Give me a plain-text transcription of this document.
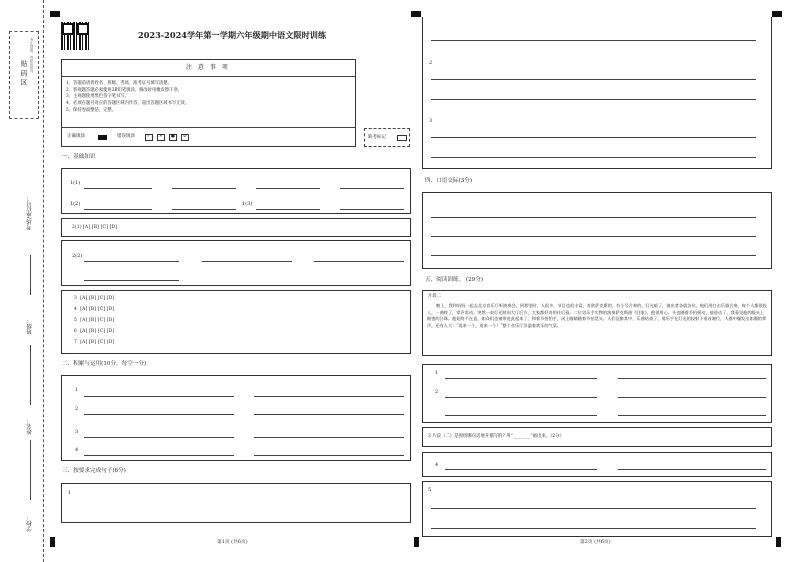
贴 码 区 考生禁填，勿贴出框外
考场/座位号：
班级：
姓名：
学校：
2023-2024学年第一学期六年级期中语文限时训练
注 意 事 项
1、答题前请将姓名、班级、考场、准考证号填写清楚。
2、客观题答题必须使用2B铅笔填涂，修改时用橡皮擦干净。
3、主观题使用黑色签字笔书写。
4、必须在题号对应的答题区域内作答，超出答题区域书写无效。
5、保持卷面整洁、完整。
正确填涂	错误填涂	✓	✕	●	⊘	缺考标记
一、基础知识
1(1)
1(2)	1(3)
2(1) [A] [B] [C] [D]
2(2)
3 [A] [B] [C] [D]
4 [A] [B] [C] [D]
5 [A] [B] [C] [D]
6 [A] [B] [C] [D]
7 [A] [B] [C] [D]
二、积累与运用(10分，每空一分)
1
2
3
4
三、按要求完成句子(6分)
1
第1页 (共6页)
2
3
四、口语交际(3分)
五、阅读训练。 (29分)
片段二
晚上，我和妈妈一起去北京音乐厅听演奏会。到那里时，人很多，节目也很丰富，有欧萨克斯的，有小号合奏的。灯光暗了，演出者各就各位。他们用打击乐器合奏，每个人都很投入，一曲终了，掌声雷动。突然一束灯光照向大厅后方，大家都好奇的往后看。二位男乐手实物的演奏萨克斯曲《回家》，他很用心。头也随着节拍摇动，他进动了，我看见他的眼头上细密的汗珠。他始终不在意，如众们也被带进此起来了，和着节拍拍手，闭上眼睛随着节拍晃头。人们沉醉其中，乐曲结束了，男乐手在灯光的投射下垂首谢位，人群中爆发出如潮的掌声，还有人大：“再来一个，再来一个！”整个音乐厅洋溢着欢乐的气氛。
1
2
3 片段（二）是围绕哪句话展开描写的? 用“________”画出来。（2分）
4
5
第2页 (共6页)
